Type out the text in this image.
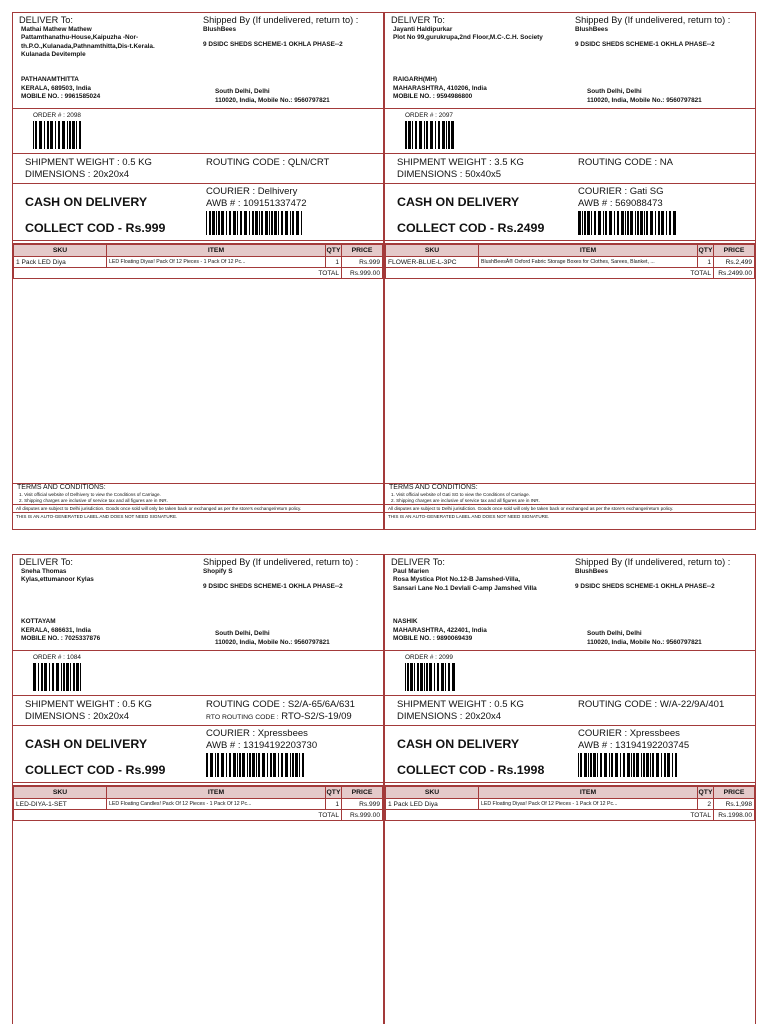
DELIVER To:
Mathai Mathew Mathew
Pattamthanathu-House,Kaipuzha -Nor-th.P.O.,Kulanada,Pathnamthitta,Dis-t.Kerala. Kulanada Devitemple
PATHANAMTHITTA
KERALA, 689503, India
MOBILE NO. : 9961585024
Shipped By (If undelivered, return to) :
BlushBees
9 DSIDC SHEDS SCHEME-1 OKHLA PHASE--2
South Delhi, Delhi
110020, India, Mobile No.: 9560797821
ORDER # : 2098
SHIPMENT WEIGHT : 0.5 KG
DIMENSIONS : 20x20x4
ROUTING CODE : QLN/CRT
CASH ON DELIVERY
COLLECT COD - Rs.999
COURIER : Delhivery
AWB # : 109151337472
SKU	ITEM	QTY	PRICE
1 Pack LED Diya	LED Floating Diyas! Pack Of 12 Pieces - 1 Pack Of 12 Pc...	1	Rs.999
TOTAL			Rs.999.00
TERMS AND CONDITIONS:
1. Visit official website of Delhivery to view the Conditions of Carriage.
2. Shipping charges are inclusive of service tax and all figures are in INR.
All disputes are subject to Delhi jurisdiction. Goods once sold will only be taken back or exchanged as per the store's exchange/return policy.
THIS IS AN AUTO-GENERATED LABEL AND DOES NOT NEED SIGNATURE.
DELIVER To:
Jayanti Haldipurkar
Plot No 99,gurukrupa,2nd Floor,M.C-.C.H. Society
RAIGARH(MH)
MAHARASHTRA, 410206, India
MOBILE NO. : 9594986800
Shipped By (If undelivered, return to) :
BlushBees
9 DSIDC SHEDS SCHEME-1 OKHLA PHASE--2
South Delhi, Delhi
110020, India, Mobile No.: 9560797821
ORDER # : 2097
SHIPMENT WEIGHT : 3.5 KG
DIMENSIONS : 50x40x5
ROUTING CODE : NA
CASH ON DELIVERY
COLLECT COD - Rs.2499
COURIER : Gati SG
AWB # : 569088473
SKU	ITEM	QTY	PRICE
FLOWER-BLUE-L-3PC	BlushBeesÂ® Oxford Fabric Storage Boxes for Clothes, Sarees, Blanket, ...	1	Rs.2,499
TOTAL			Rs.2499.00
TERMS AND CONDITIONS:
1. Visit official website of Gati SG to view the Conditions of Carriage.
2. Shipping charges are inclusive of service tax and all figures are in INR.
All disputes are subject to Delhi jurisdiction. Goods once sold will only be taken back or exchanged as per the store's exchange/return policy.
THIS IS AN AUTO-GENERATED LABEL AND DOES NOT NEED SIGNATURE.
DELIVER To:
Sneha Thomas
Kylas,ettumanoor Kylas
KOTTAYAM
KERALA, 686631, India
MOBILE NO. : 7025337876
Shipped By (If undelivered, return to) :
Shopify S
9 DSIDC SHEDS SCHEME-1 OKHLA PHASE--2
South Delhi, Delhi
110020, India, Mobile No.: 9560797821
ORDER # : 1084
SHIPMENT WEIGHT : 0.5 KG
DIMENSIONS : 20x20x4
ROUTING CODE : S2/A-65/6A/631
RTO ROUTING CODE : RTO-S2/S-19/09
CASH ON DELIVERY
COLLECT COD - Rs.999
COURIER : Xpressbees
AWB # : 13194192203730
SKU	ITEM	QTY	PRICE
LED-DIYA-1-SET	LED Floating Candles! Pack Of 12 Pieces - 1 Pack Of 12 Pc...	1	Rs.999
TOTAL			Rs.999.00
DELIVER To:
Paul Marien
Rosa Mystica Plot No.12-B Jamshed-Villa, Sansari Lane No.1 Devlali C-amp Jamshed Villa
NASHIK
MAHARASHTRA, 422401, India
MOBILE NO. : 9890069439
Shipped By (If undelivered, return to) :
BlushBees
9 DSIDC SHEDS SCHEME-1 OKHLA PHASE--2
South Delhi, Delhi
110020, India, Mobile No.: 9560797821
ORDER # : 2099
SHIPMENT WEIGHT : 0.5 KG
DIMENSIONS : 20x20x4
ROUTING CODE : W/A-22/9A/401
CASH ON DELIVERY
COLLECT COD - Rs.1998
COURIER : Xpressbees
AWB # : 13194192203745
SKU	ITEM	QTY	PRICE
1 Pack LED Diya	LED Floating Diyas! Pack Of 12 Pieces - 1 Pack Of 12 Pc...	2	Rs.1,998
TOTAL			Rs.1998.00
